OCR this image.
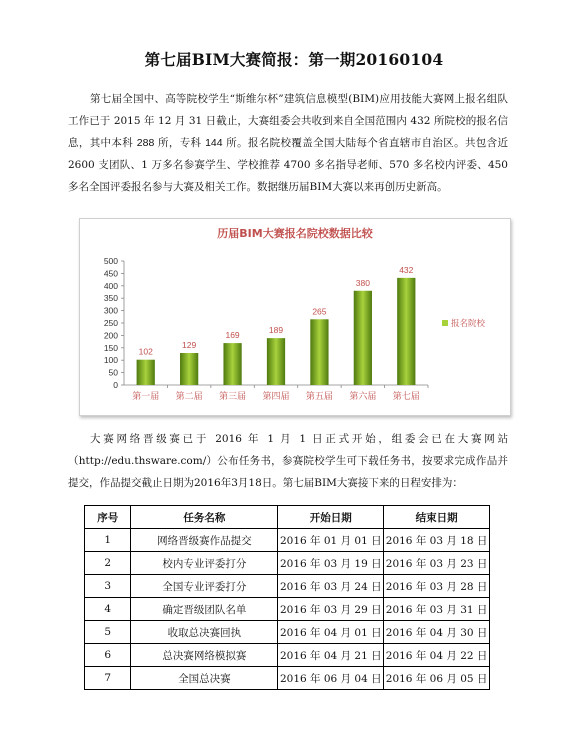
第七届BIM大赛简报：第一期20160104
第七届全国中、高等院校学生“斯维尔杯”建筑信息模型(BIM)应用技能大赛网上报名组队工作已于 2015 年 12 月 31 日截止，大赛组委会共收到来自全国范围内 432 所院校的报名信息，其中本科 288 所，专科 144 所。报名院校覆盖全国大陆每个省直辖市自治区。共包含近 2600 支团队、1 万多名参赛学生、学校推荐 4700 多名指导老师、570 多名校内评委、450 多名全国评委报名参与大赛及相关工作。数据继历届BIM大赛以来再创历史新高。
历届BIM大赛报名院校数据比较
0
50
100
150
200
250
300
350
400
450
500
102
第一届
129
第二届
169
第三届
189
第四届
265
第五届
380
第六届
432
第七届
报名院校
大赛网络晋级赛已于 2016 年 1 月 1 日正式开始，组委会已在大赛网站（http://edu.thsware.com/）公布任务书，参赛院校学生可下载任务书，按要求完成作品并提交，作品提交截止日期为2016年3月18日。第七届BIM大赛接下来的日程安排为：
序号	任务名称	开始日期	结束日期
1	网络晋级赛作品提交	2016 年 01 月 01 日	2016 年 03 月 18 日
2	校内专业评委打分	2016 年 03 月 19 日	2016 年 03 月 23 日
3	全国专业评委打分	2016 年 03 月 24 日	2016 年 03 月 28 日
4	确定晋级团队名单	2016 年 03 月 29 日	2016 年 03 月 31 日
5	收取总决赛回执	2016 年 04 月 01 日	2016 年 04 月 30 日
6	总决赛网络模拟赛	2016 年 04 月 21 日	2016 年 04 月 22 日
7	全国总决赛	2016 年 06 月 04 日	2016 年 06 月 05 日
